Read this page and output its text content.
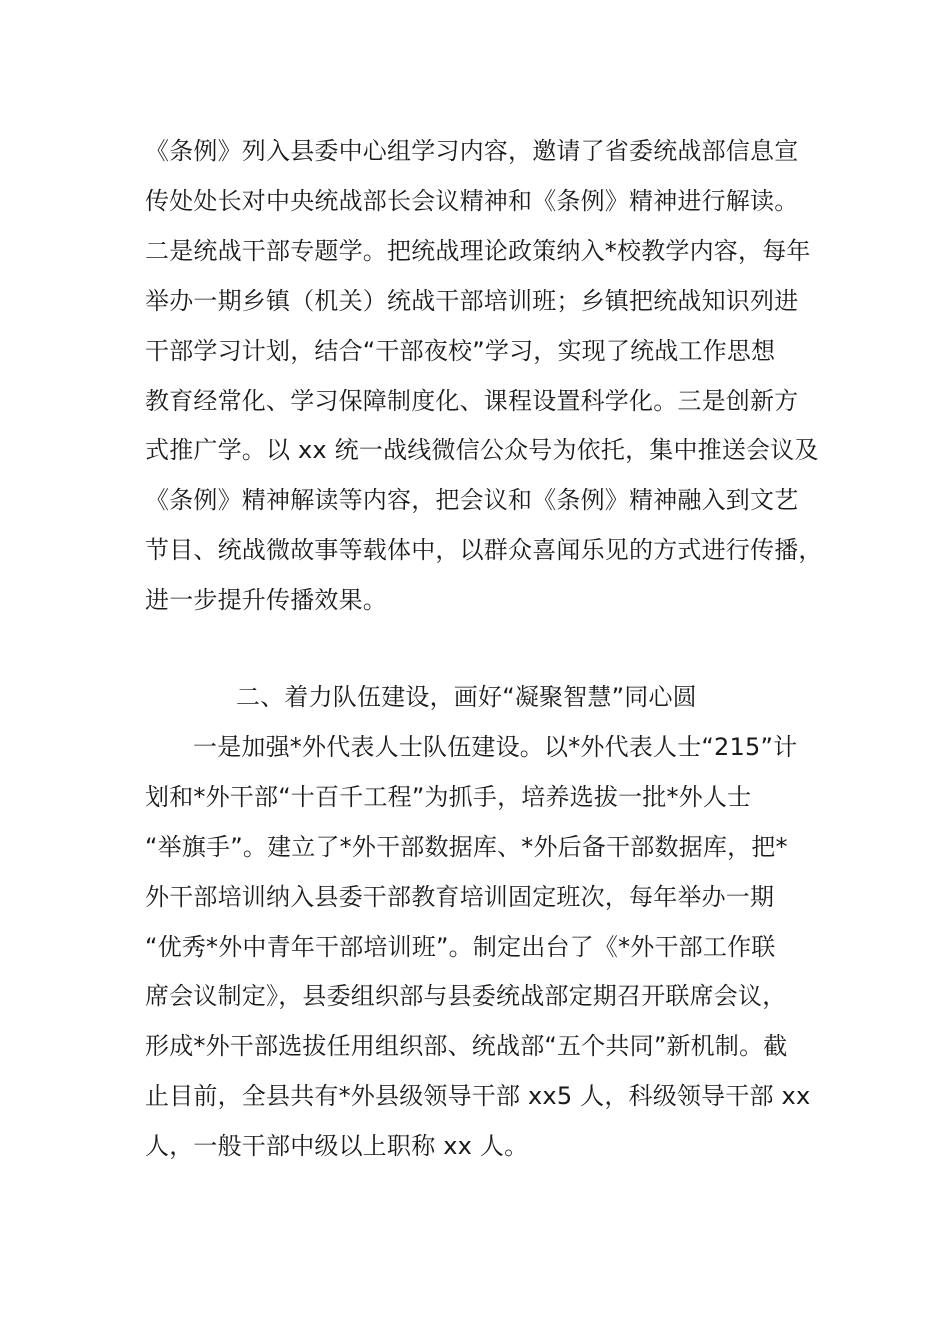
《条例》列入县委中心组学习内容，邀请了省委统战部信息宣
传处处长对中央统战部长会议精神和《条例》精神进行解读。
二是统战干部专题学。把统战理论政策纳入*校教学内容，每年
举办一期乡镇（机关）统战干部培训班；乡镇把统战知识列进
干部学习计划，结合“干部夜校”学习，实现了统战工作思想
教育经常化、学习保障制度化、课程设置科学化。三是创新方
式推广学。以 xx 统一战线微信公众号为依托，集中推送会议及
《条例》精神解读等内容，把会议和《条例》精神融入到文艺
节目、统战微故事等载体中，以群众喜闻乐见的方式进行传播，
进一步提升传播效果。
二、着力队伍建设，画好“凝聚智慧”同心圆
一是加强*外代表人士队伍建设。以*外代表人士“215”计
划和*外干部“十百千工程”为抓手，培养选拔一批*外人士
“举旗手”。建立了*外干部数据库、*外后备干部数据库，把*
外干部培训纳入县委干部教育培训固定班次，每年举办一期
“优秀*外中青年干部培训班”。制定出台了《*外干部工作联
席会议制定》，县委组织部与县委统战部定期召开联席会议，
形成*外干部选拔任用组织部、统战部“五个共同”新机制。截
止目前，全县共有*外县级领导干部 xx5 人，科级领导干部 xx
人，一般干部中级以上职称 xx 人。
